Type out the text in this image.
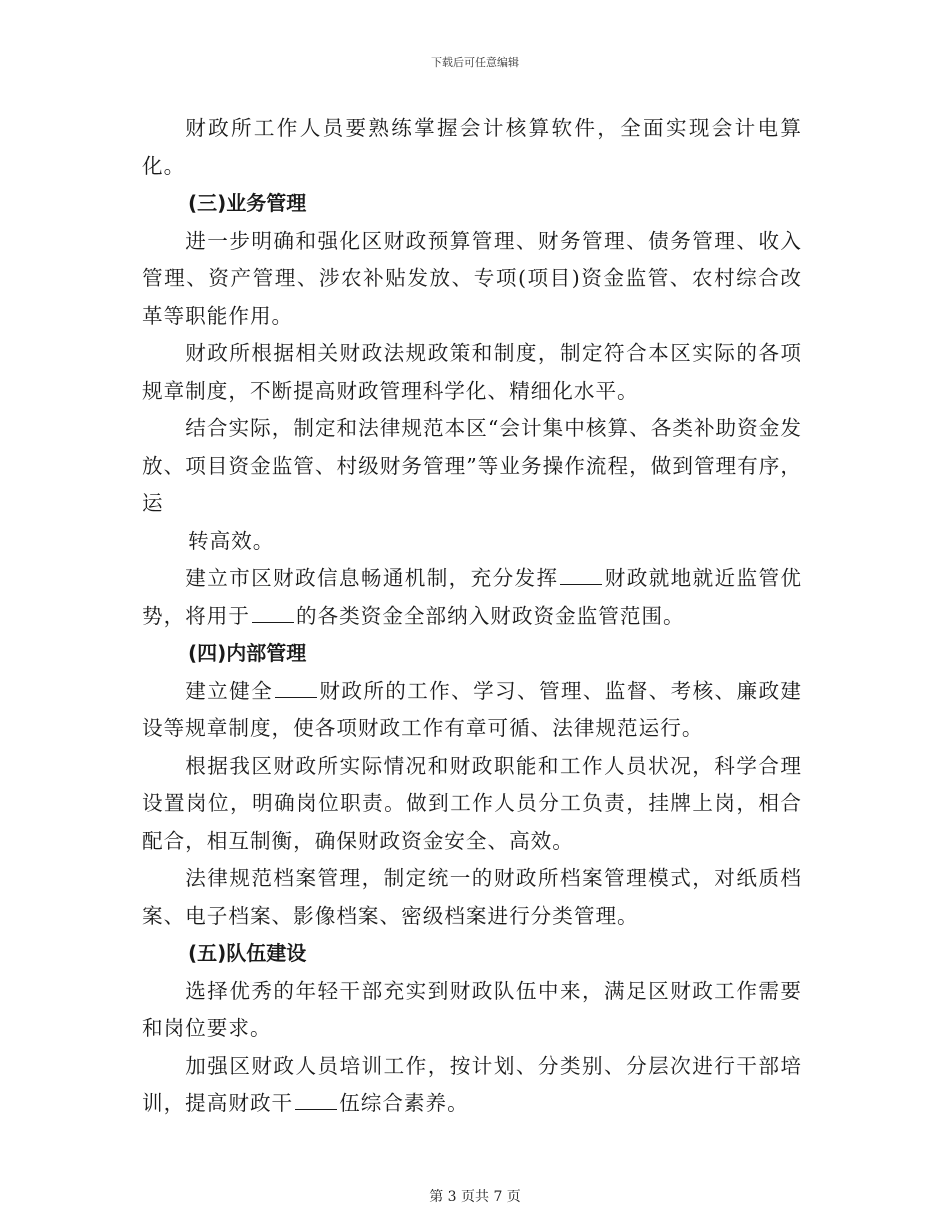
下载后可任意编辑

财政所工作人员要熟练掌握会计核算软件，全面实现会计电算化。

(三)业务管理

进一步明确和强化区财政预算管理、财务管理、债务管理、收入管理、资产管理、涉农补贴发放、专项(项目)资金监管、农村综合改革等职能作用。

财政所根据相关财政法规政策和制度，制定符合本区实际的各项规章制度，不断提高财政管理科学化、精细化水平。

结合实际，制定和法律规范本区“会计集中核算、各类补助资金发放、项目资金监管、村级财务管理”等业务操作流程，做到管理有序，运

转高效。

建立市区财政信息畅通机制，充分发挥 财政就地就近监管优势，将用于 的各类资金全部纳入财政资金监管范围。

(四)内部管理

建立健全 财政所的工作、学习、管理、监督、考核、廉政建设等规章制度，使各项财政工作有章可循、法律规范运行。

根据我区财政所实际情况和财政职能和工作人员状况，科学合理设置岗位，明确岗位职责。做到工作人员分工负责，挂牌上岗，相合配合，相互制衡，确保财政资金安全、高效。

法律规范档案管理，制定统一的财政所档案管理模式，对纸质档案、电子档案、影像档案、密级档案进行分类管理。

(五)队伍建设

选择优秀的年轻干部充实到财政队伍中来，满足区财政工作需要和岗位要求。

加强区财政人员培训工作，按计划、分类别、分层次进行干部培训，提高财政干 伍综合素养。

第 3 页共 7 页
